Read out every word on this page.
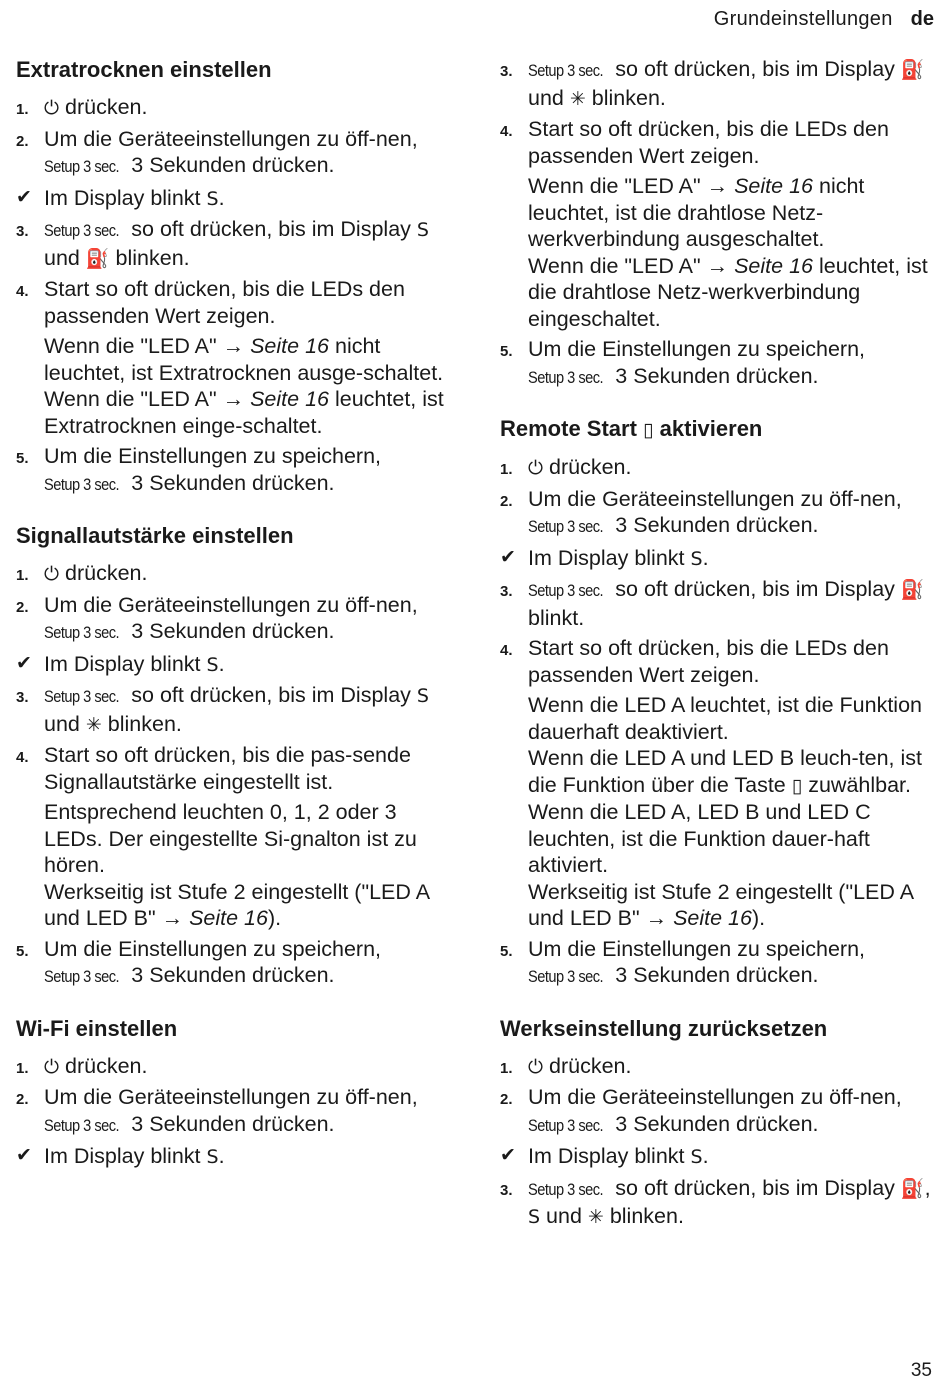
Grundeinstellungen de
Extratrocknen einstellen
1. ⏻ drücken.
2. Um die Geräteeinstellungen zu öff-nen, Setup 3 sec. 3 Sekunden drücken.
✔ Im Display blinkt S.
3. Setup 3 sec. so oft drücken, bis im Display S und ⛽ blinken.
4. Start so oft drücken, bis die LEDs den passenden Wert zeigen.
Wenn die "LED A" → Seite 16 nicht leuchtet, ist Extratrocknen ausge-schaltet.
Wenn die "LED A" → Seite 16 leuchtet, ist Extratrocknen einge-schaltet.
5. Um die Einstellungen zu speichern, Setup 3 sec. 3 Sekunden drücken.
Signallautstärke einstellen
1. ⏻ drücken.
2. Um die Geräteeinstellungen zu öff-nen, Setup 3 sec. 3 Sekunden drücken.
✔ Im Display blinkt S.
3. Setup 3 sec. so oft drücken, bis im Display S und ✳ blinken.
4. Start so oft drücken, bis die pas-sende Signallautstärke eingestellt ist.
Entsprechend leuchten 0, 1, 2 oder 3 LEDs. Der eingestellte Si-gnalton ist zu hören.
Werkseitig ist Stufe 2 eingestellt ("LED A und LED B" → Seite 16).
5. Um die Einstellungen zu speichern, Setup 3 sec. 3 Sekunden drücken.
Wi-Fi einstellen
1. ⏻ drücken.
2. Um die Geräteeinstellungen zu öff-nen, Setup 3 sec. 3 Sekunden drücken.
✔ Im Display blinkt S.
3. Setup 3 sec. so oft drücken, bis im Display ⛽ und ✳ blinken.
4. Start so oft drücken, bis die LEDs den passenden Wert zeigen.
Wenn die "LED A" → Seite 16 nicht leuchtet, ist die drahtlose Netz-werkverbindung ausgeschaltet.
Wenn die "LED A" → Seite 16 leuchtet, ist die drahtlose Netz-werkverbindung eingeschaltet.
5. Um die Einstellungen zu speichern, Setup 3 sec. 3 Sekunden drücken.
Remote Start ▯ aktivieren
1. ⏻ drücken.
2. Um die Geräteeinstellungen zu öff-nen, Setup 3 sec. 3 Sekunden drücken.
✔ Im Display blinkt S.
3. Setup 3 sec. so oft drücken, bis im Display ⛽ blinkt.
4. Start so oft drücken, bis die LEDs den passenden Wert zeigen.
Wenn die LED A leuchtet, ist die Funktion dauerhaft deaktiviert.
Wenn die LED A und LED B leuch-ten, ist die Funktion über die Taste ▯ zuwählbar.
Wenn die LED A, LED B und LED C leuchten, ist die Funktion dauer-haft aktiviert.
Werkseitig ist Stufe 2 eingestellt ("LED A und LED B" → Seite 16).
5. Um die Einstellungen zu speichern, Setup 3 sec. 3 Sekunden drücken.
Werkseinstellung zurücksetzen
1. ⏻ drücken.
2. Um die Geräteeinstellungen zu öff-nen, Setup 3 sec. 3 Sekunden drücken.
✔ Im Display blinkt S.
3. Setup 3 sec. so oft drücken, bis im Display ⛽, S und ✳ blinken.
35
